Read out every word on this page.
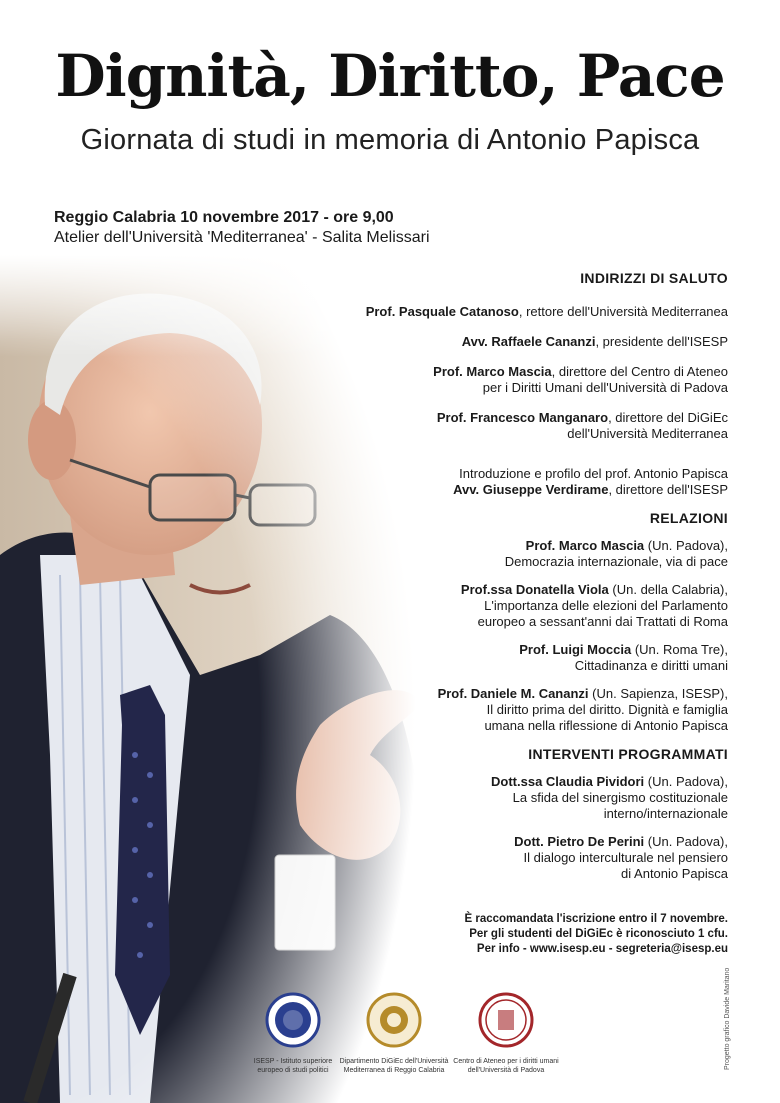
Dignità, Diritto, Pace

Giornata di studi in memoria di Antonio Papisca

Reggio Calabria 10 novembre 2017 - ore 9,00
Atelier dell'Università 'Mediterranea' - Salita Melissari
INDIRIZZI DI SALUTO
Prof. Pasquale Catanoso, rettore dell'Università Mediterranea
Avv. Raffaele Cananzi, presidente dell'ISESP
Prof. Marco Mascia, direttore del Centro di Ateneo
per i Diritti Umani dell'Università di Padova
Prof. Francesco Manganaro, direttore del DiGiEc
dell'Università Mediterranea
Introduzione e profilo del prof. Antonio Papisca
Avv. Giuseppe Verdirame, direttore dell'ISESP
RELAZIONI
Prof. Marco Mascia (Un. Padova),
Democrazia internazionale, via di pace
Prof.ssa Donatella Viola (Un. della Calabria),
L'importanza delle elezioni del Parlamento
europeo a sessant'anni dai Trattati di Roma
Prof. Luigi Moccia (Un. Roma Tre),
Cittadinanza e diritti umani
Prof. Daniele M. Cananzi (Un. Sapienza, ISESP),
Il diritto prima del diritto. Dignità e famiglia
umana nella riflessione di Antonio Papisca
INTERVENTI PROGRAMMATI
Dott.ssa Claudia Pividori (Un. Padova),
La sfida del sinergismo costituzionale
interno/internazionale
Dott. Pietro De Perini (Un. Padova),
Il dialogo interculturale nel pensiero
di Antonio Papisca
È raccomandata l'iscrizione entro il 7 novembre.
Per gli studenti del DiGiEc è riconosciuto 1 cfu.
Per info - www.isesp.eu - segreteria@isesp.eu
ISESP - Istituto superiore
europeo di studi politici
Dipartimento DiGiEc dell'Università
Mediterranea di Reggio Calabria
Centro di Ateneo per i diritti umani
dell'Università di Padova
Progetto grafico Davide Maritano
